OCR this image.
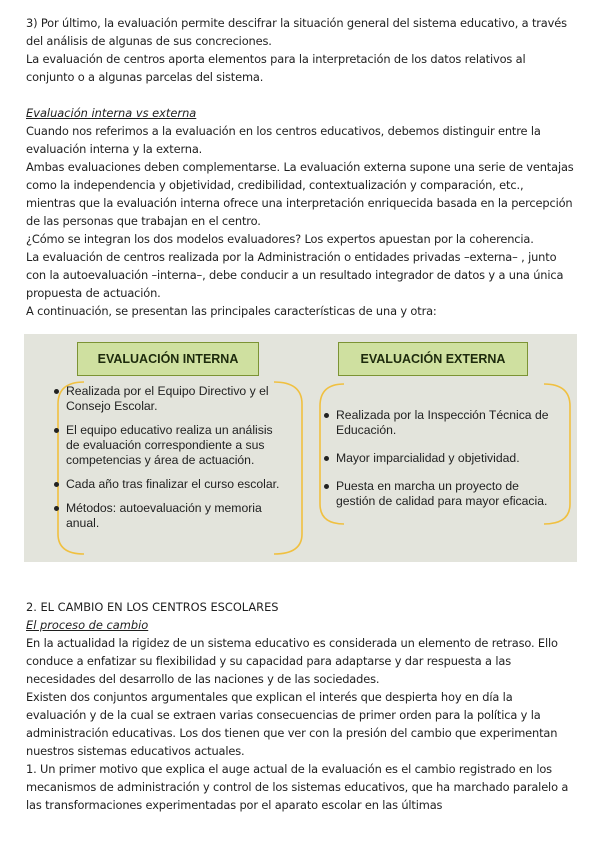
3) Por último, la evaluación permite descifrar la situación general del sistema educativo, a través del análisis de algunas de sus concreciones.

La evaluación de centros aporta elementos para la interpretación de los datos relativos al conjunto o a algunas parcelas del sistema.

Evaluación interna vs externa

Cuando nos referimos a la evaluación en los centros educativos, debemos distinguir entre la evaluación interna y la externa.

Ambas evaluaciones deben complementarse. La evaluación externa supone una serie de ventajas como la independencia y objetividad, credibilidad, contextualización y comparación, etc., mientras que la evaluación interna ofrece una interpretación enriquecida basada en la percepción de las personas que trabajan en el centro.

¿Cómo se integran los dos modelos evaluadores? Los expertos apuestan por la coherencia.

La evaluación de centros realizada por la Administración o entidades privadas –externa– , junto con la autoevaluación –interna–, debe conducir a un resultado integrador de datos y a una única propuesta de actuación.

A continuación, se presentan las principales características de una y otra:

EVALUACIÓN INTERNA	EVALUACIÓN EXTERNA
Realizada por el Equipo Directivo y el Consejo Escolar.
El equipo educativo realiza un análisis de evaluación correspondiente a sus competencias y área de actuación.
Cada año tras finalizar el curso escolar.
Métodos: autoevaluación y memoria anual.
Realizada por la Inspección Técnica de Educación.
Mayor imparcialidad y objetividad.
Puesta en marcha un proyecto de gestión de calidad para mayor eficacia.

2. EL CAMBIO EN LOS CENTROS ESCOLARES

El proceso de cambio

En la actualidad la rigidez de un sistema educativo es considerada un elemento de retraso. Ello conduce a enfatizar su flexibilidad y su capacidad para adaptarse y dar respuesta a las necesidades del desarrollo de las naciones y de las sociedades.

Existen dos conjuntos argumentales que explican el interés que despierta hoy en día la evaluación y de la cual se extraen varias consecuencias de primer orden para la política y la administración educativas. Los dos tienen que ver con la presión del cambio que experimentan nuestros sistemas educativos actuales.

1. Un primer motivo que explica el auge actual de la evaluación es el cambio registrado en los mecanismos de administración y control de los sistemas educativos, que ha marchado paralelo a las transformaciones experimentadas por el aparato escolar en las últimas
